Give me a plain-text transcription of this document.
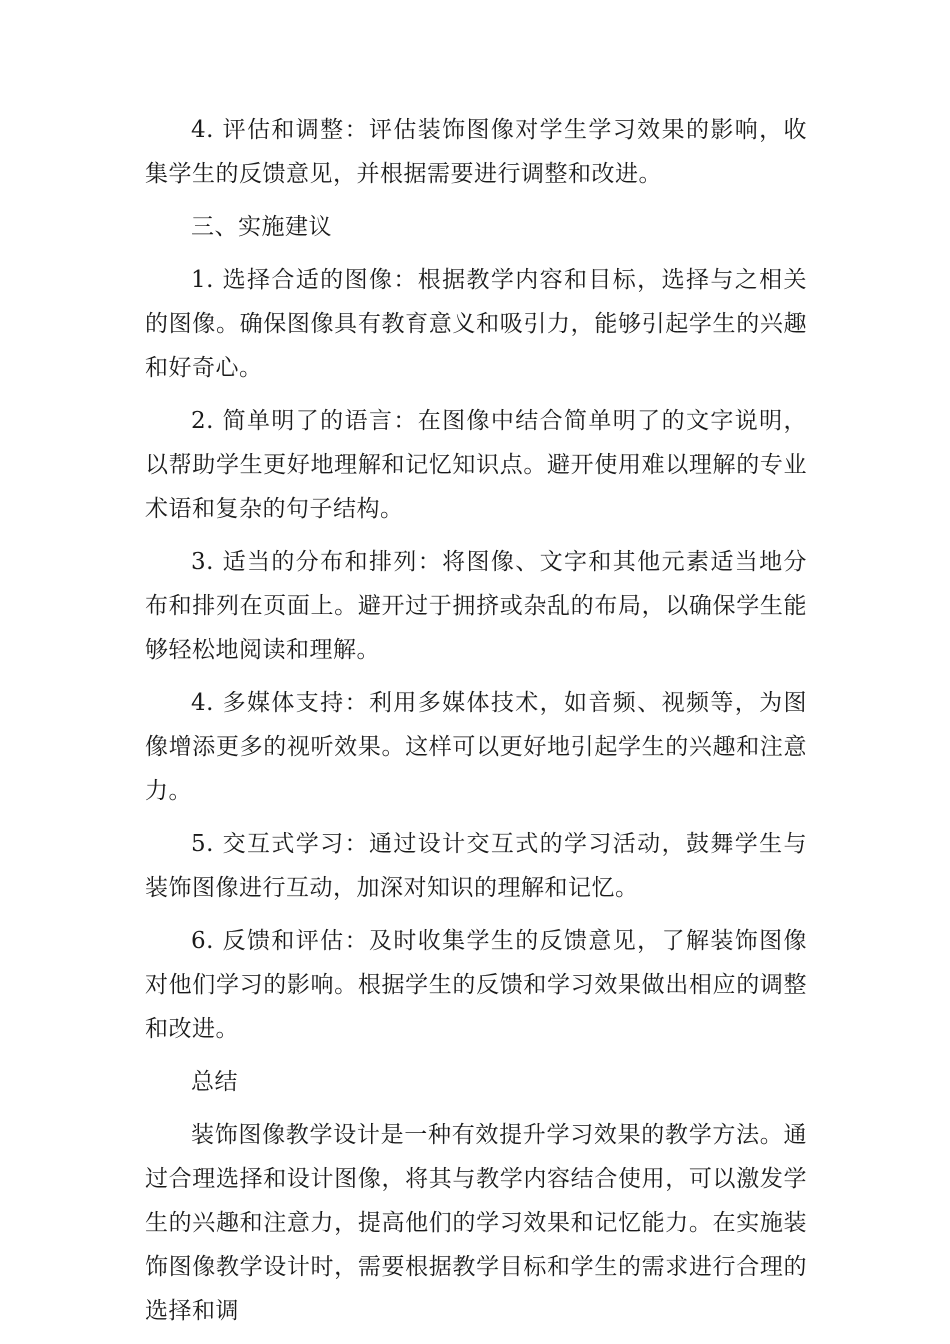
4. 评估和调整：评估装饰图像对学生学习效果的影响，收集学生的反馈意见，并根据需要进行调整和改进。

三、实施建议

1. 选择合适的图像：根据教学内容和目标，选择与之相关的图像。确保图像具有教育意义和吸引力，能够引起学生的兴趣和好奇心。

2. 简单明了的语言：在图像中结合简单明了的文字说明，以帮助学生更好地理解和记忆知识点。避开使用难以理解的专业术语和复杂的句子结构。

3. 适当的分布和排列：将图像、文字和其他元素适当地分布和排列在页面上。避开过于拥挤或杂乱的布局，以确保学生能够轻松地阅读和理解。

4. 多媒体支持：利用多媒体技术，如音频、视频等，为图像增添更多的视听效果。这样可以更好地引起学生的兴趣和注意力。

5. 交互式学习：通过设计交互式的学习活动，鼓舞学生与装饰图像进行互动，加深对知识的理解和记忆。

6. 反馈和评估：及时收集学生的反馈意见，了解装饰图像对他们学习的影响。根据学生的反馈和学习效果做出相应的调整和改进。

总结

装饰图像教学设计是一种有效提升学习效果的教学方法。通过合理选择和设计图像，将其与教学内容结合使用，可以激发学生的兴趣和注意力，提高他们的学习效果和记忆能力。在实施装饰图像教学设计时，需要根据教学目标和学生的需求进行合理的选择和调
